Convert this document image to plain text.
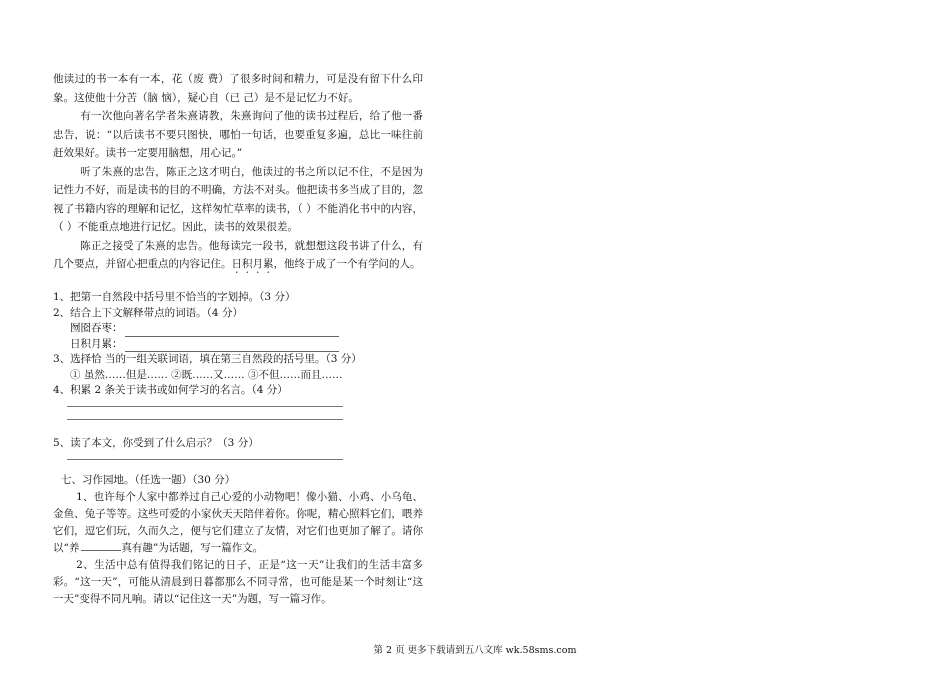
他读过的书一本有一本，花（废 费）了很多时间和精力，可是没有留下什么印象。这使他十分苦（脑 恼），疑心自（已 己）是不是记忆力不好。

有一次他向著名学者朱熹请教，朱熹询问了他的读书过程后，给了他一番忠告，说：“以后读书不要只图快，哪怕一句话，也要重复多遍，总比一味往前赶效果好。读书一定要用脑想，用心记。”

听了朱熹的忠告，陈正之这才明白，他读过的书之所以记不住，不是因为记性力不好，而是读书的目的不明确，方法不对头。他把读书多当成了目的，忽视了书籍内容的理解和记忆，这样匆忙草率的读书，（ ）不能消化书中的内容，（ ）不能重点地进行记忆。因此，读书的效果很差。

陈正之接受了朱熹的忠告。他每读完一段书，就想想这段书讲了什么，有几个要点，并留心把重点的内容记住。日积月累，他终于成了一个有学问的人。

1、把第一自然段中括号里不恰当的字划掉。（3 分）

2、结合上下文解释带点的词语。（4 分）

囫囵吞枣：
日积月累：

3、选择恰 当的一组关联词语，填在第三自然段的括号里。（3 分）

① 虽然……但是…… ②既……又…… ③不但……而且……

4、积累 2 条关于读书或如何学习的名言。（4 分）

5、读了本文，你受到了什么启示？（3 分）

七、习作园地。（任选一题）（30 分）

1、也许每个人家中都养过自己心爱的小动物吧！像小猫、小鸡、小乌龟、金鱼、兔子等等。这些可爱的小家伙天天陪伴着你。你呢，精心照料它们，喂养它们，逗它们玩，久而久之，便与它们建立了友情，对它们也更加了解了。请你以“养	真有趣”为话题，写一篇作文。

2、生活中总有值得我们铭记的日子，正是“这一天”让我们的生活丰富多彩。“这一天”，可能从清晨到日暮都那么不同寻常，也可能是某一个时刻让“这一天”变得不同凡响。请以“记住这一天”为题，写一篇习作。

第 2 页 更多下载请到五八文库 wk.58sms.com
